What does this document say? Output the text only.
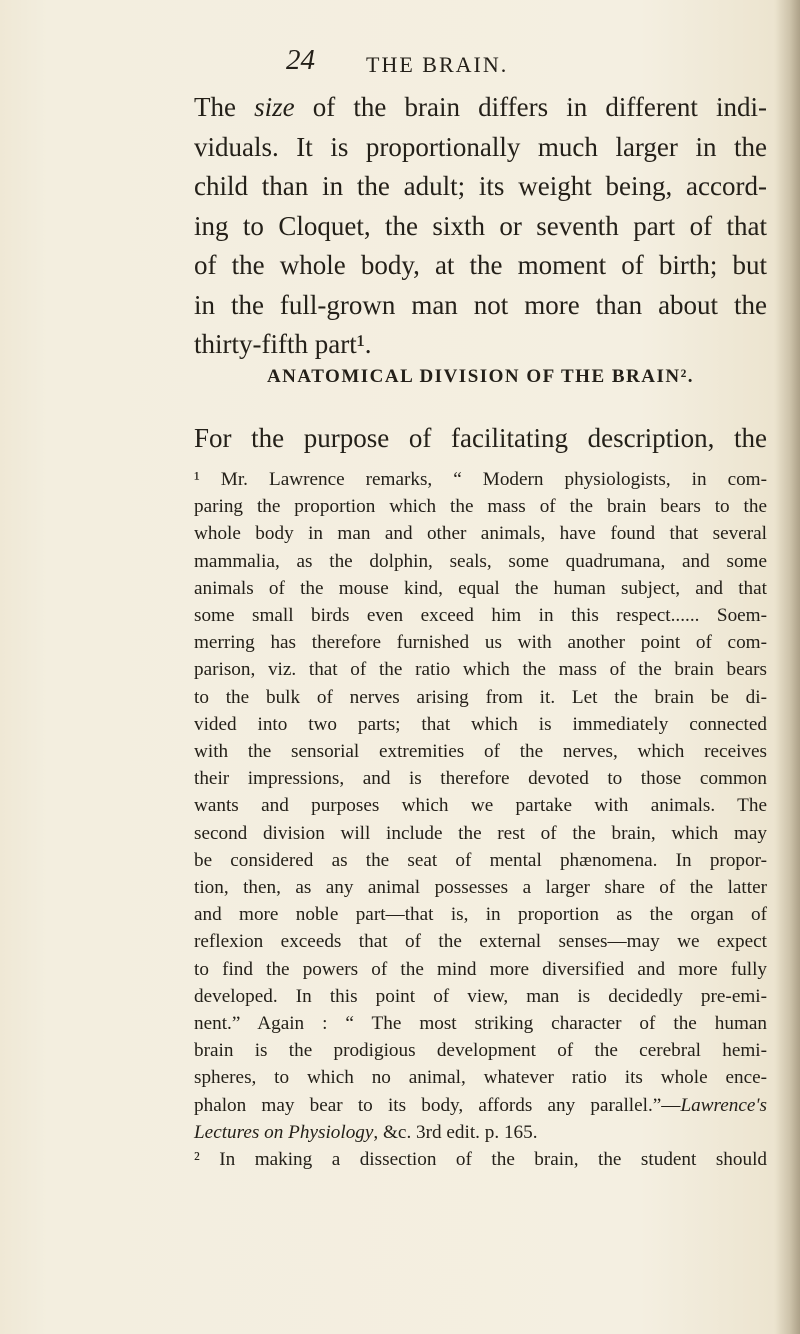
24 THE BRAIN.
The size of the brain differs in different indi-
viduals. It is proportionally much larger in the
child than in the adult; its weight being, accord-
ing to Cloquet, the sixth or seventh part of that
of the whole body, at the moment of birth; but
in the full-grown man not more than about the
thirty-fifth part¹.
ANATOMICAL DIVISION OF THE BRAIN².
For the purpose of facilitating description, the
¹ Mr. Lawrence remarks, “ Modern physiologists, in com-
paring the proportion which the mass of the brain bears to the
whole body in man and other animals, have found that several
mammalia, as the dolphin, seals, some quadrumana, and some
animals of the mouse kind, equal the human subject, and that
some small birds even exceed him in this respect...... Soem-
merring has therefore furnished us with another point of com-
parison, viz. that of the ratio which the mass of the brain bears
to the bulk of nerves arising from it. Let the brain be di-
vided into two parts; that which is immediately connected
with the sensorial extremities of the nerves, which receives
their impressions, and is therefore devoted to those common
wants and purposes which we partake with animals. The
second division will include the rest of the brain, which may
be considered as the seat of mental phænomena. In propor-
tion, then, as any animal possesses a larger share of the latter
and more noble part—that is, in proportion as the organ of
reflexion exceeds that of the external senses—may we expect
to find the powers of the mind more diversified and more fully
developed. In this point of view, man is decidedly pre-emi-
nent.” Again : “ The most striking character of the human
brain is the prodigious development of the cerebral hemi-
spheres, to which no animal, whatever ratio its whole ence-
phalon may bear to its body, affords any parallel.”—Lawrence's
Lectures on Physiology, &c. 3rd edit. p. 165.
² In making a dissection of the brain, the student should
